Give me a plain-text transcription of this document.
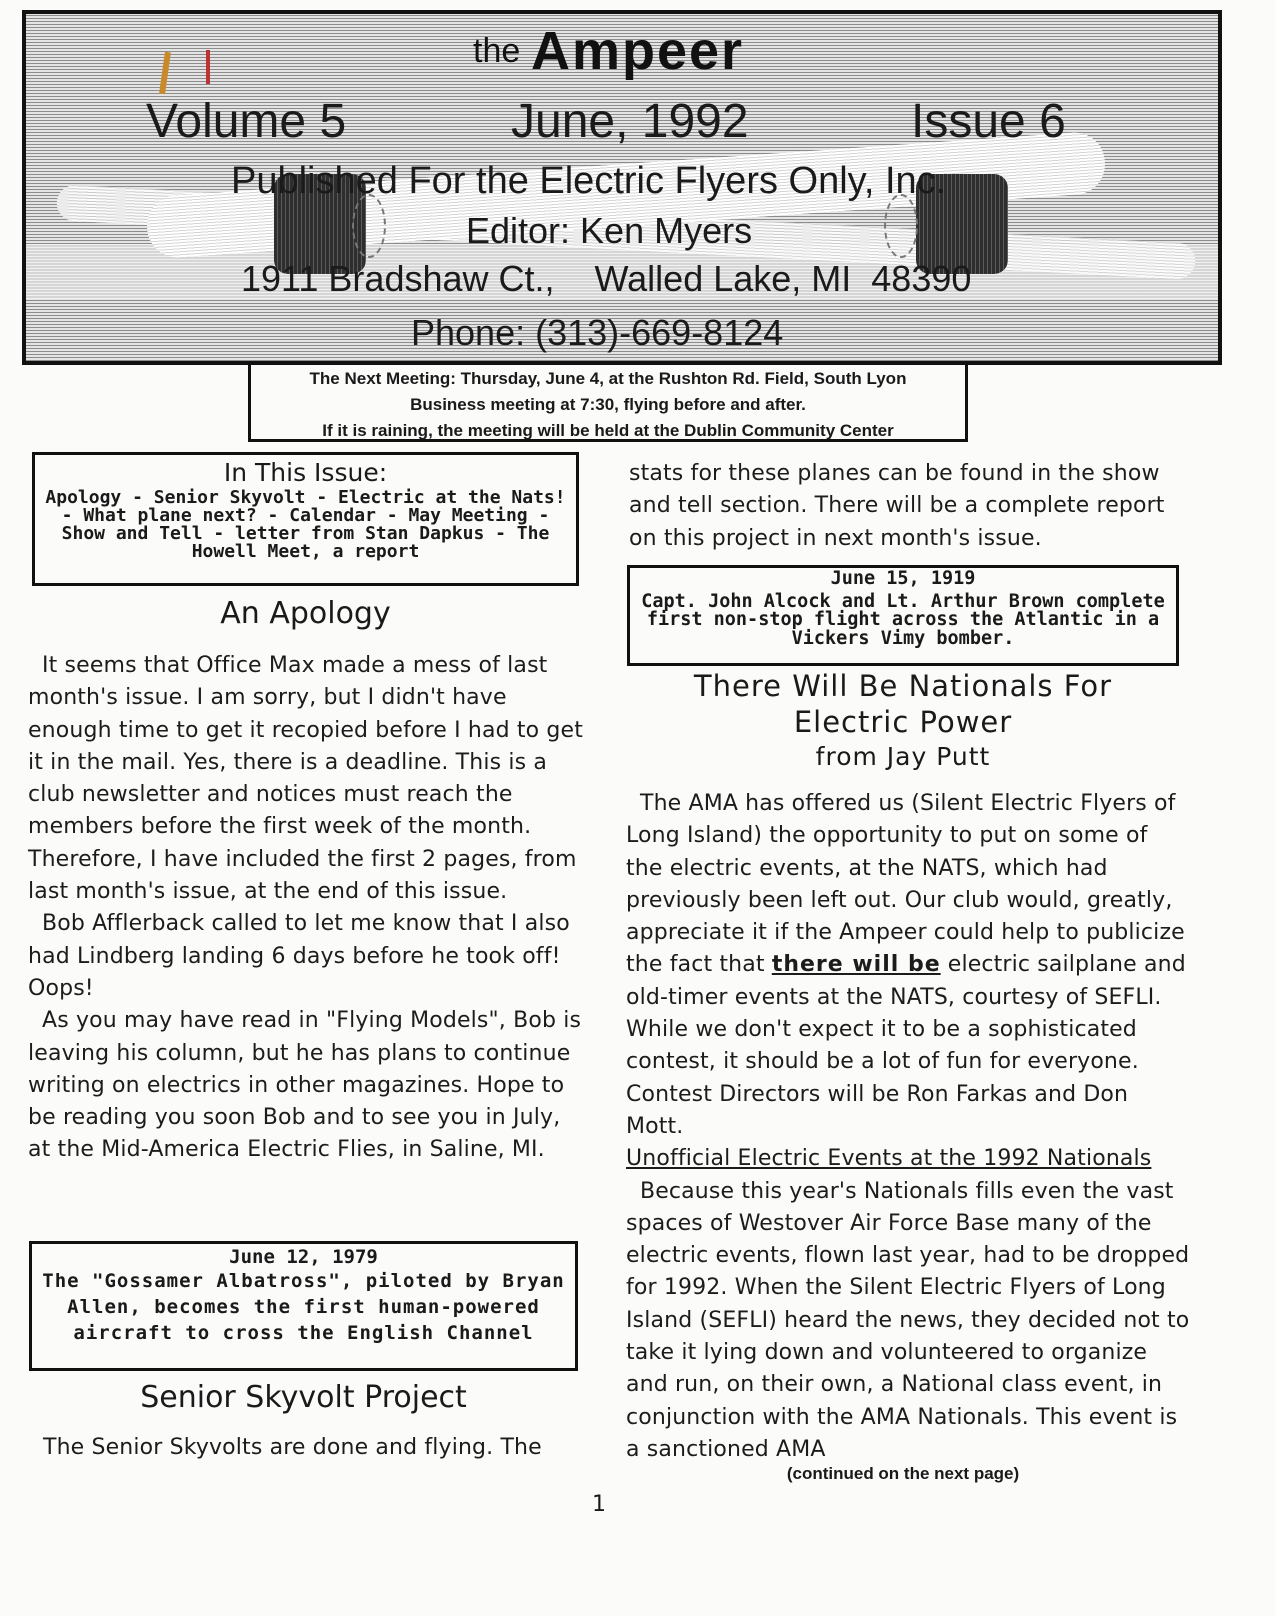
the Ampeer
Volume 5	June, 1992	Issue 6
Published For the Electric Flyers Only, Inc.
Editor: Ken Myers
1911 Bradshaw Ct.,    Walled Lake, MI  48390
Phone: (313)-669-8124
The Next Meeting: Thursday, June 4, at the Rushton Rd. Field, South Lyon
Business meeting at 7:30, flying before and after.
If it is raining, the meeting will be held at the Dublin Community Center
In This Issue:
Apology - Senior Skyvolt - Electric at the Nats! - What plane next? - Calendar - May Meeting - Show and Tell - letter from Stan Dapkus - The Howell Meet, a report
An Apology

It seems that Office Max made a mess of last month's issue. I am sorry, but I didn't have enough time to get it recopied before I had to get it in the mail. Yes, there is a deadline. This is a club newsletter and notices must reach the members before the first week of the month. Therefore, I have included the first 2 pages, from last month's issue, at the end of this issue.

Bob Afflerback called to let me know that I also had Lindberg landing 6 days before he took off! Oops!

As you may have read in "Flying Models", Bob is leaving his column, but he has plans to continue writing on electrics in other magazines. Hope to be reading you soon Bob and to see you in July, at the Mid-America Electric Flies, in Saline, MI.

June 12, 1979
The "Gossamer Albatross", piloted by Bryan Allen, becomes the first human-powered aircraft to cross the English Channel
Senior Skyvolt Project
The Senior Skyvolts are done and flying. The
stats for these planes can be found in the show and tell section. There will be a complete report on this project in next month's issue.
June 15, 1919
Capt. John Alcock and Lt. Arthur Brown complete first non-stop flight across the Atlantic in a Vickers Vimy bomber.
There Will Be Nationals For
Electric Power
from Jay Putt

The AMA has offered us (Silent Electric Flyers of Long Island) the opportunity to put on some of the electric events, at the NATS, which had previously been left out. Our club would, greatly, appreciate it if the Ampeer could help to publicize the fact that there will be electric sailplane and old-timer events at the NATS, courtesy of SEFLI. While we don't expect it to be a sophisticated contest, it should be a lot of fun for everyone. Contest Directors will be Ron Farkas and Don Mott.

Unofficial Electric Events at the 1992 Nationals

Because this year's Nationals fills even the vast spaces of Westover Air Force Base many of the electric events, flown last year, had to be dropped for 1992. When the Silent Electric Flyers of Long Island (SEFLI) heard the news, they decided not to take it lying down and volunteered to organize and run, on their own, a National class event, in conjunction with the AMA Nationals. This event is a sanctioned AMA

(continued on the next page)
1
